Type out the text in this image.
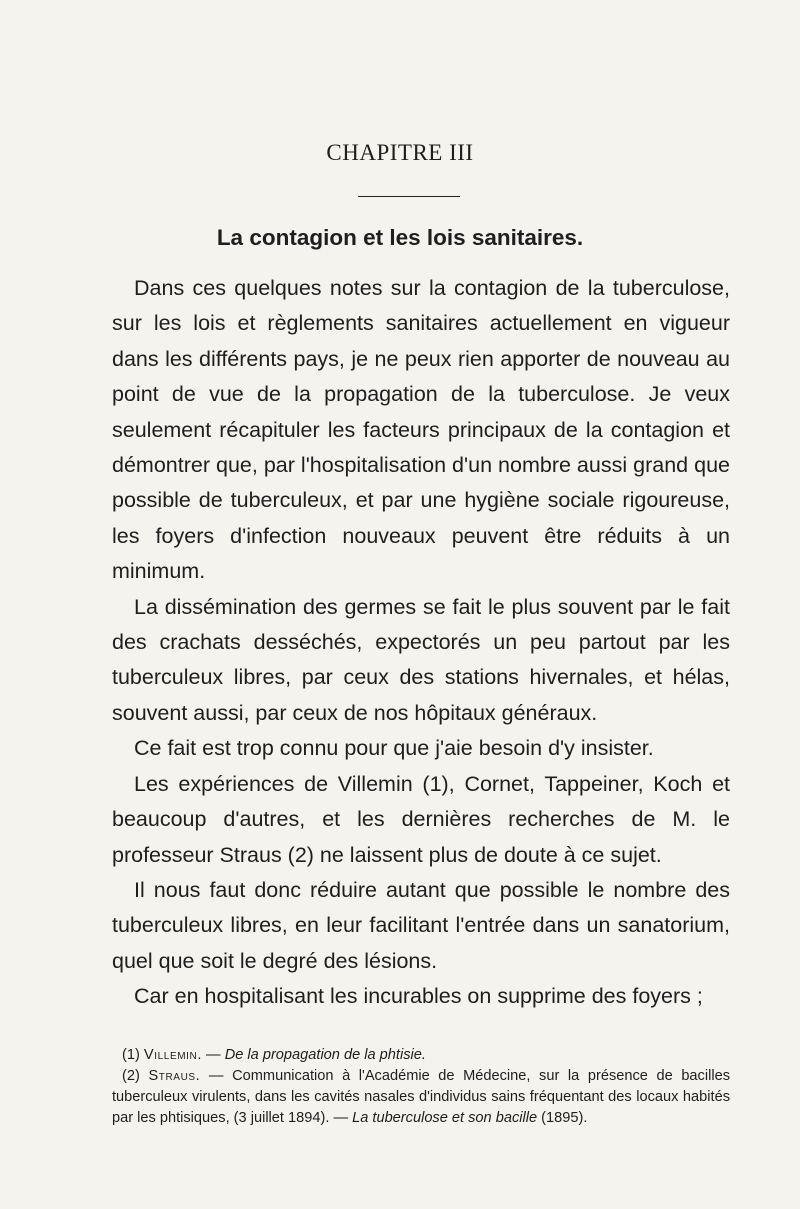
CHAPITRE III
La contagion et les lois sanitaires.

Dans ces quelques notes sur la contagion de la tuberculose, sur les lois et règlements sanitaires actuellement en vigueur dans les différents pays, je ne peux rien apporter de nouveau au point de vue de la propagation de la tuberculose. Je veux seulement récapituler les facteurs principaux de la contagion et démontrer que, par l'hospitalisation d'un nombre aussi grand que possible de tuberculeux, et par une hygiène sociale rigoureuse, les foyers d'infection nouveaux peuvent être réduits à un minimum.

La dissémination des germes se fait le plus souvent par le fait des crachats desséchés, expectorés un peu partout par les tuberculeux libres, par ceux des stations hivernales, et hélas, souvent aussi, par ceux de nos hôpitaux généraux.

Ce fait est trop connu pour que j'aie besoin d'y insister.

Les expériences de Villemin (1), Cornet, Tappeiner, Koch et beaucoup d'autres, et les dernières recherches de M. le professeur Straus (2) ne laissent plus de doute à ce sujet.

Il nous faut donc réduire autant que possible le nombre des tuberculeux libres, en leur facilitant l'entrée dans un sanatorium, quel que soit le degré des lésions.

Car en hospitalisant les incurables on supprime des foyers ;

(1) Villemin. — De la propagation de la phtisie.

(2) Straus. — Communication à l'Académie de Médecine, sur la présence de bacilles tuberculeux virulents, dans les cavités nasales d'individus sains fréquentant des locaux habités par les phtisiques, (3 juillet 1894). — La tuberculose et son bacille (1895).
